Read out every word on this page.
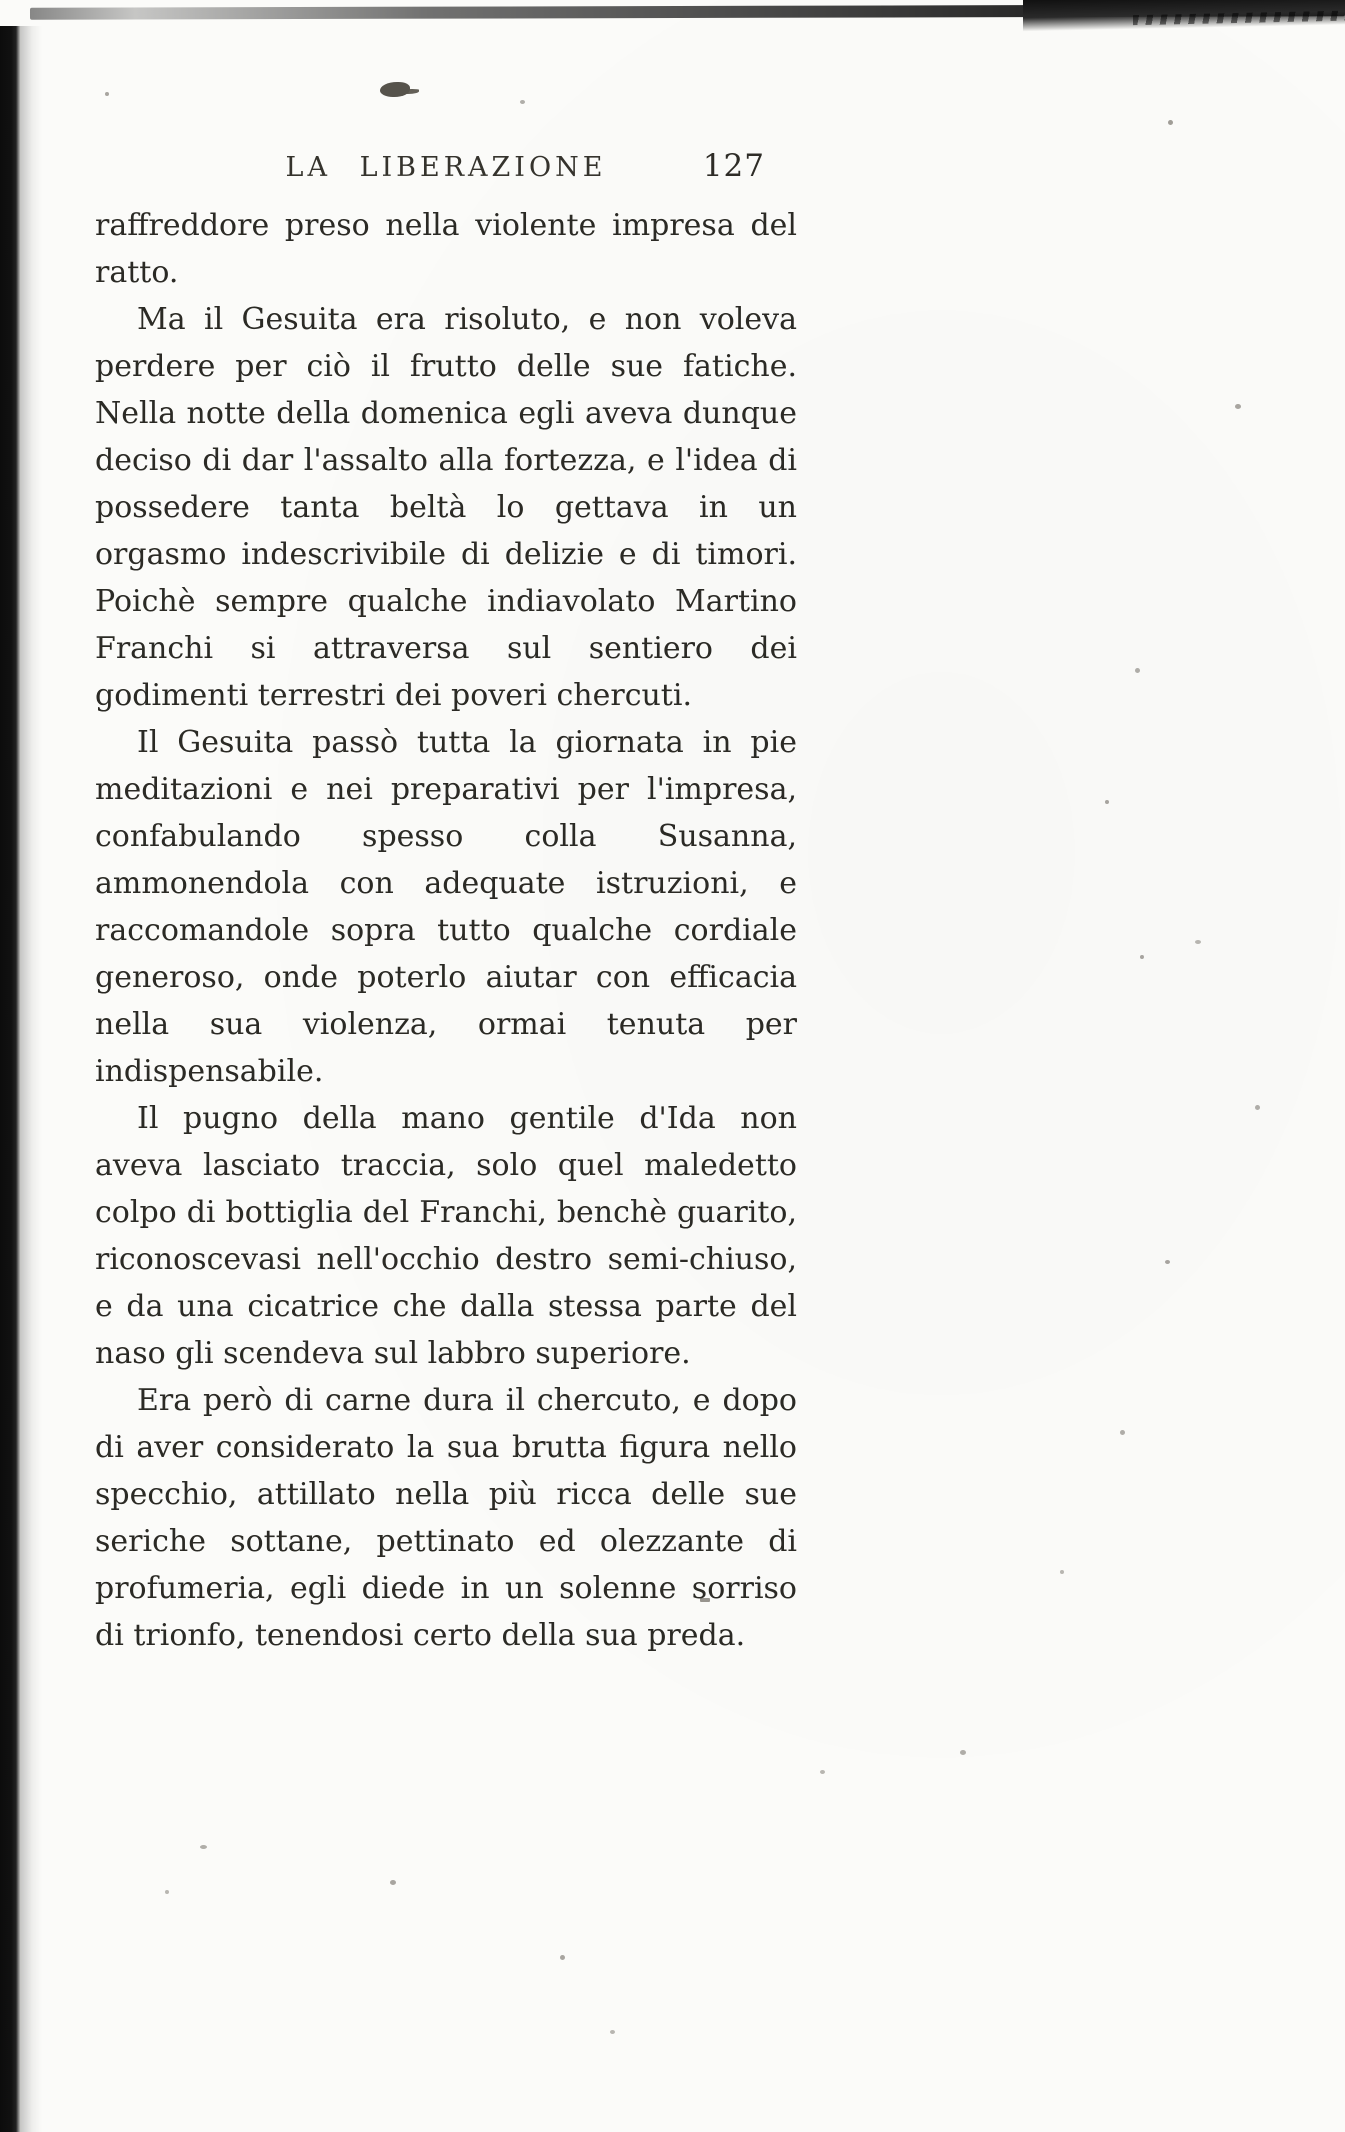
LA LIBERAZIONE	127

raffreddore preso nella violente impresa del ratto.

Ma il Gesuita era risoluto, e non voleva perdere per ciò il frutto delle sue fatiche. Nella notte della domenica egli aveva dunque deciso di dar l'assalto alla fortezza, e l'idea di possedere tanta beltà lo gettava in un orgasmo indescrivibile di delizie e di timori. Poichè sempre qualche indiavolato Martino Franchi si attraversa sul sentiero dei godimenti terrestri dei poveri chercuti.

Il Gesuita passò tutta la giornata in pie meditazioni e nei preparativi per l'impresa, confabulando spesso colla Susanna, ammonendola con adequate istruzioni, e raccomandole sopra tutto qualche cordiale generoso, onde poterlo aiutar con efficacia nella sua violenza, ormai tenuta per indispensabile.

Il pugno della mano gentile d'Ida non aveva lasciato traccia, solo quel maledetto colpo di bottiglia del Franchi, benchè guarito, riconoscevasi nell'occhio destro semi-chiuso, e da una cicatrice che dalla stessa parte del naso gli scendeva sul labbro superiore.

Era però di carne dura il chercuto, e dopo di aver considerato la sua brutta figura nello specchio, attillato nella più ricca delle sue seriche sottane, pettinato ed olezzante di profumeria, egli diede in un solenne sorriso di trionfo, tenendosi certo della sua preda.
